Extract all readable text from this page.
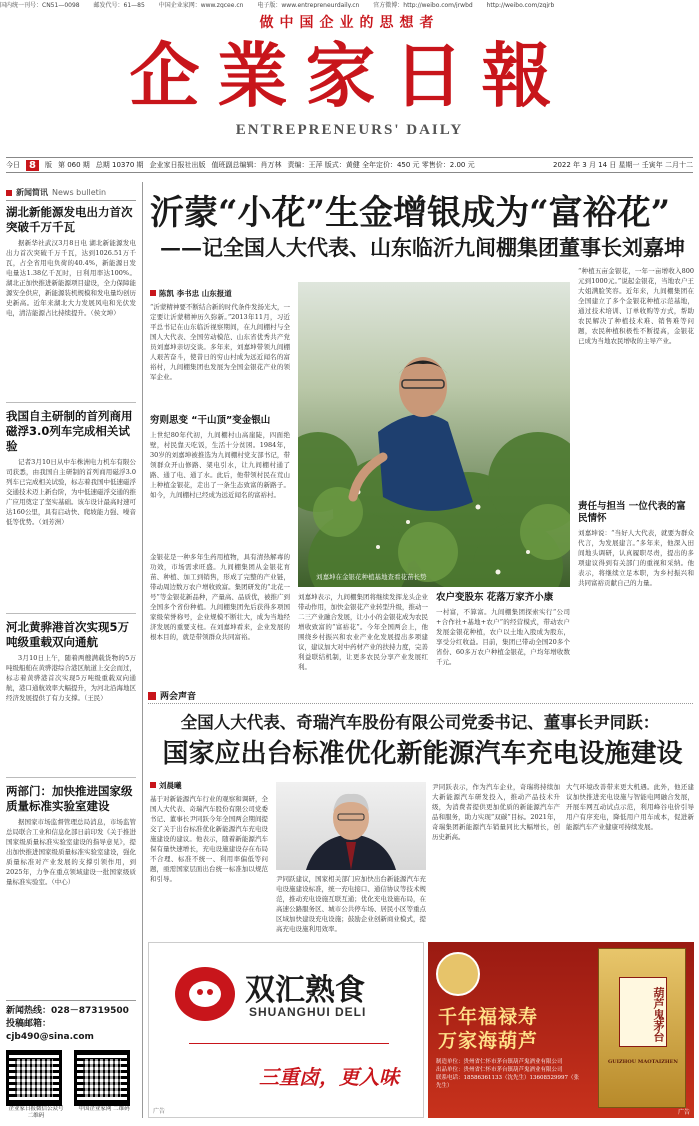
国内统一刊号：CN51—0098 邮发代号：61—85 中国企业家网：www.zgcee.cn 电子版：www.entrepreneurdaily.cn 官方微博：http://weibo.com/jrwbd http://weibo.com/zqjrb
做中国企业的思想者
企業家日報
ENTREPRENEURS' DAILY
今日 8	版 第 060 期 总期 10370 期 企业家日报社出版 值班副总编辑：肖万林 责编：王萍 版式：黄健 全年定价：450 元 零售价：2.00 元	2022 年 3 月 14 日 星期一 壬寅年 二月十二
新闻简讯 News bulletin
湖北新能源发电出力首次突破千万千瓦
据新华社武汉3月8日电 湖北新能源发电出力首次突破千万千瓦，达到1026.51万千瓦，占全省用电负荷的40.4%，新能源日发电量达1.38亿千瓦时，日利用率达100%。湖北正加快推进新能源项目建设，全力保障能源安全供应，新能源装机规模和发电量均创历史新高。近年来湖北大力发展风电和光伏发电，清洁能源占比持续提升。（侯文坤）
我国自主研制的首列商用磁浮3.0列车完成相关试验
记者3月10日从中车株洲电力机车有限公司获悉，由我国自主研制的首列商用磁浮3.0列车已完成相关试验，标志着我国中低速磁浮交通技术迈上新台阶，为中低速磁浮交通的推广应用奠定了坚实基础。该车设计最高时速可达160公里，具有启动快、爬坡能力强、噪音低等优势。（刘芳洲）
河北黄骅港首次实现5万吨级重载双向通航
3月10日上午，随着两艘满载货物的5万吨级船舶在黄骅港综合港区航道上交会而过，标志着黄骅港首次实现5万吨级重载双向通航，港口通航效率大幅提升，为河北沿海地区经济发展提供了有力支撑。（王民）
两部门：加快推进国家级质量标准实验室建设
据国家市场监督管理总局消息，市场监管总局联合工业和信息化部日前印发《关于推进国家级质量标准实验室建设的指导意见》，提出加快推进国家级质量标准实验室建设，强化质量标准对产业发展的支撑引领作用，到2025年，力争在重点领域建设一批国家级质量标准实验室。（中心）
新闻热线：028－87319500
投稿邮箱：cjb490@sina.com
企业家日报微信公众号 二维码
中国企业家网 二维码
沂蒙“小花”生金增银成为“富裕花”
——记全国人大代表、山东临沂九间棚集团董事长刘嘉坤
陈凯 李书忠 山东报道
“沂蒙精神要不断结合新的时代条件发扬光大，一定要让沂蒙精神历久弥新。”2013年11月，习近平总书记在山东临沂视察期间，在九间棚村与全国人大代表、全国劳动模范、山东省优秀共产党员刘嘉坤亲切交谈。多年来，刘嘉坤带领九间棚人艰苦奋斗，使昔日的穷山村成为远近闻名的富裕村，九间棚集团也发展为全国金银花产业的领军企业。
穷则思变 “干山顶”变金银山
上世纪80年代初，九间棚村山高崖陡，四面绝壁，村民靠天吃饭，生活十分贫困。1984年，30岁的刘嘉坤被推选为九间棚村党支部书记，带领群众开山修路、架电引水，让九间棚村通了路、通了电、通了水。此后，他带领村民在荒山上种植金银花，走出了一条生态致富的新路子。如今，九间棚村已经成为远近闻名的富裕村。
金银花是一种多年生药用植物，具有清热解毒的功效，市场需求旺盛。九间棚集团从金银花育苗、种植、加工到销售，形成了完整的产业链，带动周边数万农户增收致富。集团研发的“北花一号”等金银花新品种，产量高、品质优，被推广到全国多个省份种植。九间棚集团先后获得多项国家级荣誉称号，企业规模不断壮大，成为当地经济发展的重要支柱。在刘嘉坤看来，企业发展的根本目的，就是带领群众共同富裕。
刘嘉坤在金银花种植基地查看花苗长势
刘嘉坤表示，九间棚集团将继续发挥龙头企业带动作用，加快金银花产业转型升级，推动一二三产业融合发展，让小小的金银花成为农民增收致富的“富裕花”。今年全国两会上，他围绕乡村振兴和农业产业化发展提出多项建议，建议加大对中药材产业的扶持力度，完善利益联结机制，让更多农民分享产业发展红利。
农户变股东 花落万家齐小康
一村富，不算富。九间棚集团探索实行“公司+合作社+基地+农户”的经营模式，带动农户发展金银花种植，农户以土地入股成为股东，享受分红收益。目前，集团已带动全国20多个省份、60多万农户种植金银花，户均年增收数千元。
“种植五亩金银花，一年一亩增收入800元到1000元。”说起金银花，当地农户王大姐满脸笑容。近年来，九间棚集团在全国建立了多个金银花种植示范基地，通过技术培训、订单收购等方式，帮助农民解决了种植技术难、销售难等问题，农民种植积极性不断提高，金银花已成为当地农民增收的主导产业。
责任与担当 一位代表的富民情怀
刘嘉坤说：“当好人大代表，就要为群众代言，为发展建言。”多年来，他深入田间地头调研，认真履职尽责，提出的多项建议得到有关部门的重视和采纳。他表示，将继续立足本职，为乡村振兴和共同富裕贡献自己的力量。
两会声音
全国人大代表、奇瑞汽车股份有限公司党委书记、董事长尹同跃：
国家应出台标准优化新能源汽车充电设施建设
刘晨曦
基于对新能源汽车行业的观察和调研，全国人大代表、奇瑞汽车股份有限公司党委书记、董事长尹同跃今年全国两会期间提交了关于出台标准优化新能源汽车充电设施建设的建议。他表示，随着新能源汽车保有量快速增长，充电设施建设存在布局不合理、标准不统一、利用率偏低等问题，亟需国家层面出台统一标准加以规范和引导。	尹同跃建议，国家相关部门应加快出台新能源汽车充电设施建设标准，统一充电接口、通信协议等技术规范，推动充电设施互联互通；优化充电设施布局，在高速公路服务区、城市公共停车场、居民小区等重点区域加快建设充电设施；鼓励企业创新商业模式，提高充电设施利用效率。
尹同跃表示，作为汽车企业，奇瑞将持续加大新能源汽车研发投入，推动产品技术升级，为消费者提供更加优质的新能源汽车产品和服务，助力实现“双碳”目标。2021年，奇瑞集团新能源汽车销量同比大幅增长，创历史新高。
大气环境改善带来更大机遇。此外，他还建议加快推进充电设施与智能电网融合发展，开展车网互动试点示范，利用峰谷电价引导用户有序充电，降低用户用车成本，促进新能源汽车产业健康可持续发展。
双汇熟食
SHUANGHUI DELI
三重卤，更入味
广告
千年福禄寿
万家海葫芦
制造单位：贵州省仁怀市茅台镇葫芦鬼酒业有限公司
出品单位：贵州省仁怀市茅台镇葫芦鬼酒业有限公司
联系电话：18586361133（沈先生）13608529997（张先生）
葫芦鬼茅台
GUIZHOU MAOTAIZHEN
广告
